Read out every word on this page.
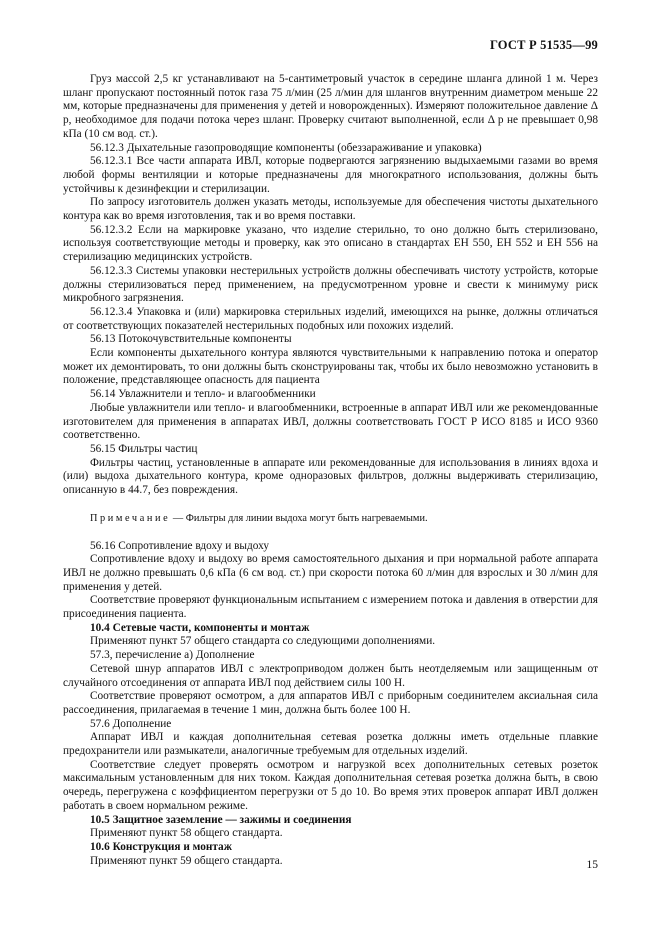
ГОСТ Р 51535—99

Груз массой 2,5 кг устанавливают на 5-сантиметровый участок в середине шланга длиной 1 м. Через шланг пропускают постоянный поток газа 75 л/мин (25 л/мин для шлангов внутренним диаметром меньше 22 мм, которые предназначены для применения у детей и новорожденных). Измеряют положительное давление Δ р, необходимое для подачи потока через шланг. Проверку считают выполненной, если Δ р не превышает 0,98 кПа (10 см вод. ст.).

56.12.3 Дыхательные газопроводящие компоненты (обеззараживание и упаковка)

56.12.3.1 Все части аппарата ИВЛ, которые подвергаются загрязнению выдыхаемыми газами во время любой формы вентиляции и которые предназначены для многократного использования, должны быть устойчивы к дезинфекции и стерилизации.

По запросу изготовитель должен указать методы, используемые для обеспечения чистоты дыхательного контура как во время изготовления, так и во время поставки.

56.12.3.2 Если на маркировке указано, что изделие стерильно, то оно должно быть стерилизовано, используя соответствующие методы и проверку, как это описано в стандартах ЕН 550, ЕН 552 и ЕН 556 на стерилизацию медицинских устройств.

56.12.3.3 Системы упаковки нестерильных устройств должны обеспечивать чистоту устройств, которые должны стерилизоваться перед применением, на предусмотренном уровне и свести к минимуму риск микробного загрязнения.

56.12.3.4 Упаковка и (или) маркировка стерильных изделий, имеющихся на рынке, должны отличаться от соответствующих показателей нестерильных подобных или похожих изделий.

56.13 Потокочувствительные компоненты

Если компоненты дыхательного контура являются чувствительными к направлению потока и оператор может их демонтировать, то они должны быть сконструированы так, чтобы их было невозможно установить в положение, представляющее опасность для пациента

56.14 Увлажнители и тепло- и влагообменники

Любые увлажнители или тепло- и влагообменники, встроенные в аппарат ИВЛ или же рекомендованные изготовителем для применения в аппаратах ИВЛ, должны соответствовать ГОСТ Р ИСО 8185 и ИСО 9360 соответственно.

56.15 Фильтры частиц

Фильтры частиц, установленные в аппарате или рекомендованные для использования в линиях вдоха и (или) выдоха дыхательного контура, кроме одноразовых фильтров, должны выдерживать стерилизацию, описанную в 44.7, без повреждения.

Примечание — Фильтры для линии выдоха могут быть нагреваемыми.

56.16 Сопротивление вдоху и выдоху

Сопротивление вдоху и выдоху во время самостоятельного дыхания и при нормальной работе аппарата ИВЛ не должно превышать 0,6 кПа (6 см вод. ст.) при скорости потока 60 л/мин для взрослых и 30 л/мин для применения у детей.

Соответствие проверяют функциональным испытанием с измерением потока и давления в отверстии для присоединения пациента.

10.4 Сетевые части, компоненты и монтаж

Применяют пункт 57 общего стандарта со следующими дополнениями.

57.3, перечисление а) Дополнение

Сетевой шнур аппаратов ИВЛ с электроприводом должен быть неотделяемым или защищенным от случайного отсоединения от аппарата ИВЛ под действием силы 100 Н.

Соответствие проверяют осмотром, а для аппаратов ИВЛ с приборным соединителем аксиальная сила рассоединения, прилагаемая в течение 1 мин, должна быть более 100 Н.

57.6 Дополнение

Аппарат ИВЛ и каждая дополнительная сетевая розетка должны иметь отдельные плавкие предохранители или размыкатели, аналогичные требуемым для отдельных изделий.

Соответствие следует проверять осмотром и нагрузкой всех дополнительных сетевых розеток максимальным установленным для них током. Каждая дополнительная сетевая розетка должна быть, в свою очередь, перегружена с коэффициентом перегрузки от 5 до 10. Во время этих проверок аппарат ИВЛ должен работать в своем нормальном режиме.

10.5 Защитное заземление — зажимы и соединения

Применяют пункт 58 общего стандарта.

10.6 Конструкция и монтаж

Применяют пункт 59 общего стандарта.	15
